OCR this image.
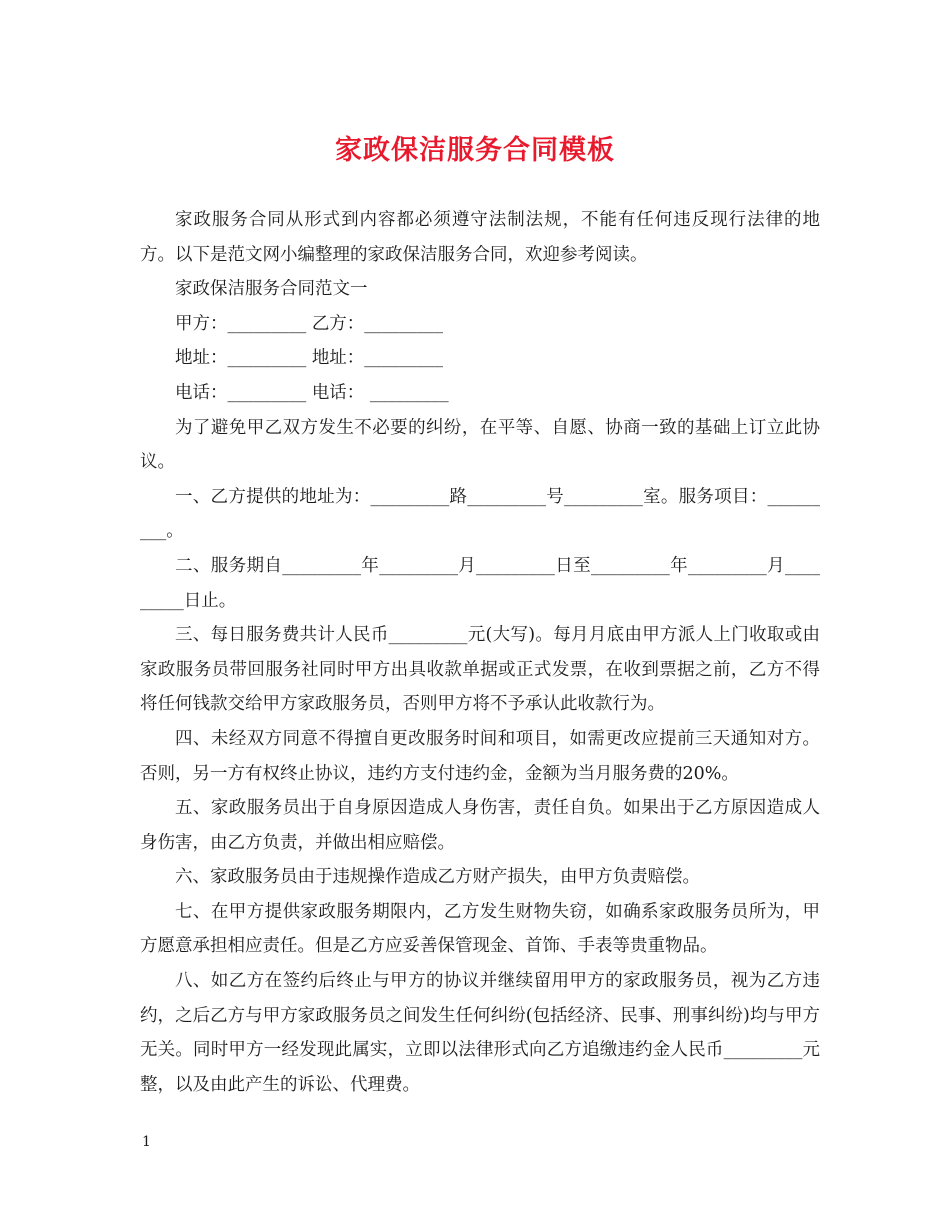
家政保洁服务合同模板

家政服务合同从形式到内容都必须遵守法制法规，不能有任何违反现行法律的地方。以下是范文网小编整理的家政保洁服务合同，欢迎参考阅读。

家政保洁服务合同范文一

甲方：_________ 乙方：_________

地址：_________ 地址：_________

电话：_________ 电话： _________

为了避免甲乙双方发生不必要的纠纷，在平等、自愿、协商一致的基础上订立此协议。

一、乙方提供的地址为：_________路_________号_________室。服务项目：_________。

二、服务期自_________年_________月_________日至_________年_________月_________日止。

三、每日服务费共计人民币_________元(大写)。每月月底由甲方派人上门收取或由家政服务员带回服务社同时甲方出具收款单据或正式发票，在收到票据之前，乙方不得将任何钱款交给甲方家政服务员，否则甲方将不予承认此收款行为。

四、未经双方同意不得擅自更改服务时间和项目，如需更改应提前三天通知对方。否则，另一方有权终止协议，违约方支付违约金，金额为当月服务费的20%。

五、家政服务员出于自身原因造成人身伤害，责任自负。如果出于乙方原因造成人身伤害，由乙方负责，并做出相应赔偿。

六、家政服务员由于违规操作造成乙方财产损失，由甲方负责赔偿。

七、在甲方提供家政服务期限内，乙方发生财物失窃，如确系家政服务员所为，甲方愿意承担相应责任。但是乙方应妥善保管现金、首饰、手表等贵重物品。

八、如乙方在签约后终止与甲方的协议并继续留用甲方的家政服务员，视为乙方违约，之后乙方与甲方家政服务员之间发生任何纠纷(包括经济、民事、刑事纠纷)均与甲方无关。同时甲方一经发现此属实，立即以法律形式向乙方追缴违约金人民币_________元整，以及由此产生的诉讼、代理费。

1
